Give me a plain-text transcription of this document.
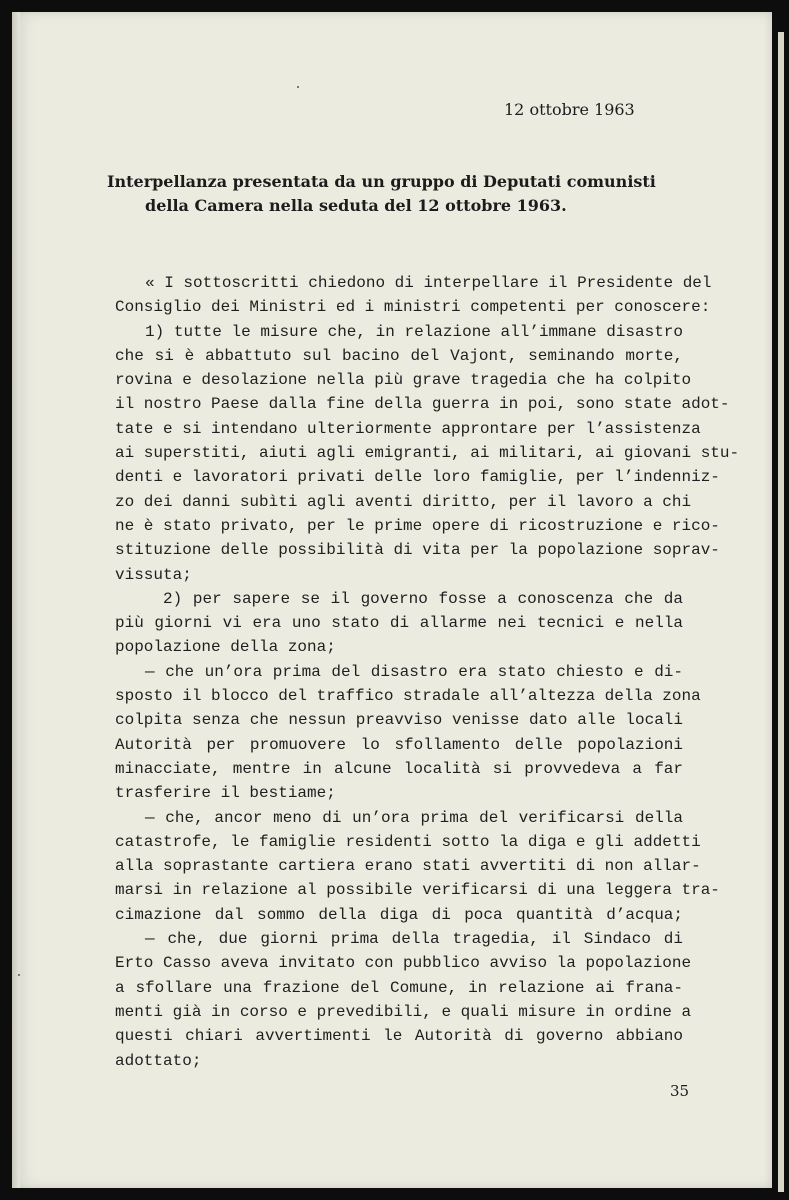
12 ottobre 1963
Interpellanza presentata da un gruppo di Deputati comunisti
della Camera nella seduta del 12 ottobre 1963.
« I sottoscritti chiedono di interpellare il Presidente del
Consiglio dei Ministri ed i ministri competenti per conoscere:
1) tutte le misure che, in relazione all’immane disastro
che si è abbattuto sul bacino del Vajont, seminando morte,
rovina e desolazione nella più grave tragedia che ha colpito
il nostro Paese dalla fine della guerra in poi, sono state adot-
tate e si intendano ulteriormente approntare per l’assistenza
ai superstiti, aiuti agli emigranti, ai militari, ai giovani stu-
denti e lavoratori privati delle loro famiglie, per l’indenniz-
zo dei danni subìti agli aventi diritto, per il lavoro a chi
ne è stato privato, per le prime opere di ricostruzione e rico-
stituzione delle possibilità di vita per la popolazione soprav-
vissuta;
2) per sapere se il governo fosse a conoscenza che da
più giorni vi era uno stato di allarme nei tecnici e nella
popolazione della zona;
— che un’ora prima del disastro era stato chiesto e di-
sposto il blocco del traffico stradale all’altezza della zona
colpita senza che nessun preavviso venisse dato alle locali
Autorità per promuovere lo sfollamento delle popolazioni
minacciate, mentre in alcune località si provvedeva a far
trasferire il bestiame;
— che, ancor meno di un’ora prima del verificarsi della
catastrofe, le famiglie residenti sotto la diga e gli addetti
alla soprastante cartiera erano stati avvertiti di non allar-
marsi in relazione al possibile verificarsi di una leggera tra-
cimazione dal sommo della diga di poca quantità d’acqua;
— che, due giorni prima della tragedia, il Sindaco di
Erto Casso aveva invitato con pubblico avviso la popolazione
a sfollare una frazione del Comune, in relazione ai frana-
menti già in corso e prevedibili, e quali misure in ordine a
questi chiari avvertimenti le Autorità di governo abbiano
adottato;
35
